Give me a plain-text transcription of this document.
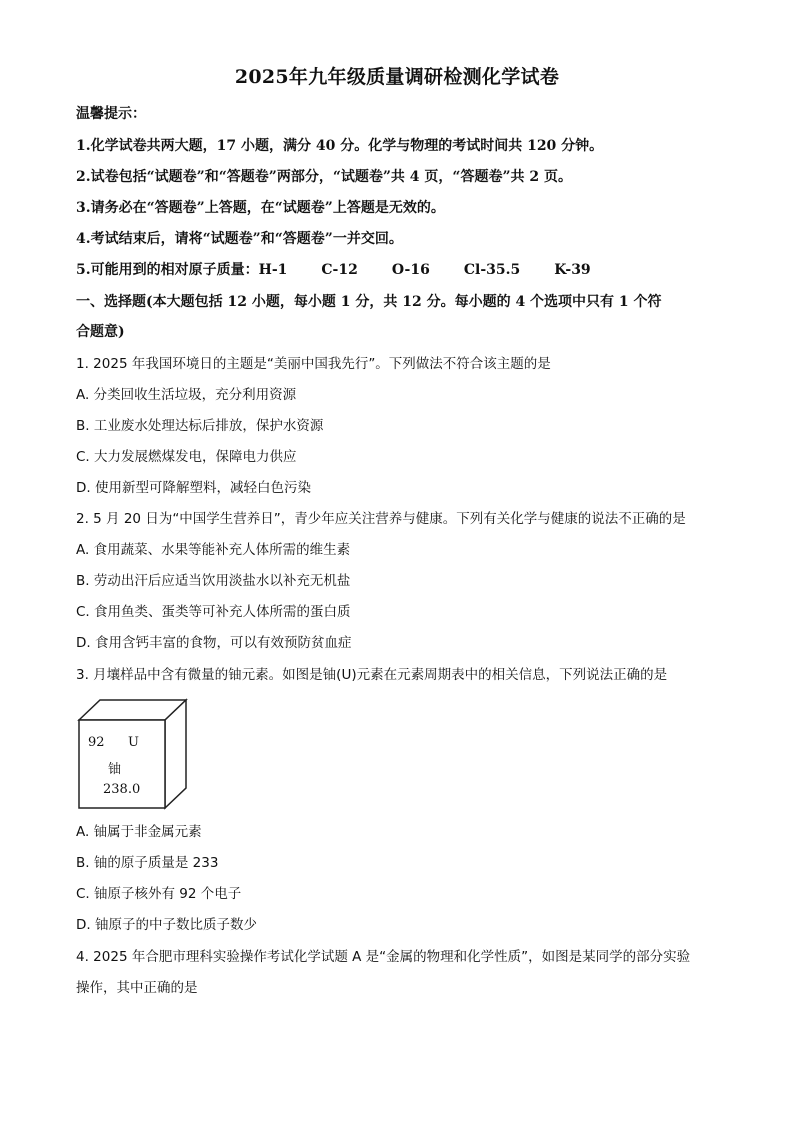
2025年九年级质量调研检测化学试卷
温馨提示：
1.化学试卷共两大题，17 小题，满分 40 分。化学与物理的考试时间共 120 分钟。
2.试卷包括“试题卷”和“答题卷”两部分，“试题卷”共 4 页，“答题卷”共 2 页。
3.请务必在“答题卷”上答题，在“试题卷”上答题是无效的。
4.考试结束后，请将“试题卷”和“答题卷”一并交回。
5.可能用到的相对原子质量：H-1 C-12 O-16 Cl-35.5 K-39
一、选择题(本大题包括 12 小题，每小题 1 分，共 12 分。每小题的 4 个选项中只有 1 个符
合题意)
1. 2025 年我国环境日的主题是“美丽中国我先行”。下列做法不符合该主题的是
A. 分类回收生活垃圾，充分利用资源
B. 工业废水处理达标后排放，保护水资源
C. 大力发展燃煤发电，保障电力供应
D. 使用新型可降解塑料，减轻白色污染
2. 5 月 20 日为“中国学生营养日”，青少年应关注营养与健康。下列有关化学与健康的说法不正确的是
A. 食用蔬菜、水果等能补充人体所需的维生素
B. 劳动出汗后应适当饮用淡盐水以补充无机盐
C. 食用鱼类、蛋类等可补充人体所需的蛋白质
D. 食用含钙丰富的食物，可以有效预防贫血症
3. 月壤样品中含有微量的铀元素。如图是铀(U)元素在元素周期表中的相关信息，下列说法正确的是
92 U
铀
238.0
A. 铀属于非金属元素
B. 铀的原子质量是 233
C. 铀原子核外有 92 个电子
D. 铀原子的中子数比质子数少
4. 2025 年合肥市理科实验操作考试化学试题 A 是“金属的物理和化学性质”，如图是某同学的部分实验
操作，其中正确的是
